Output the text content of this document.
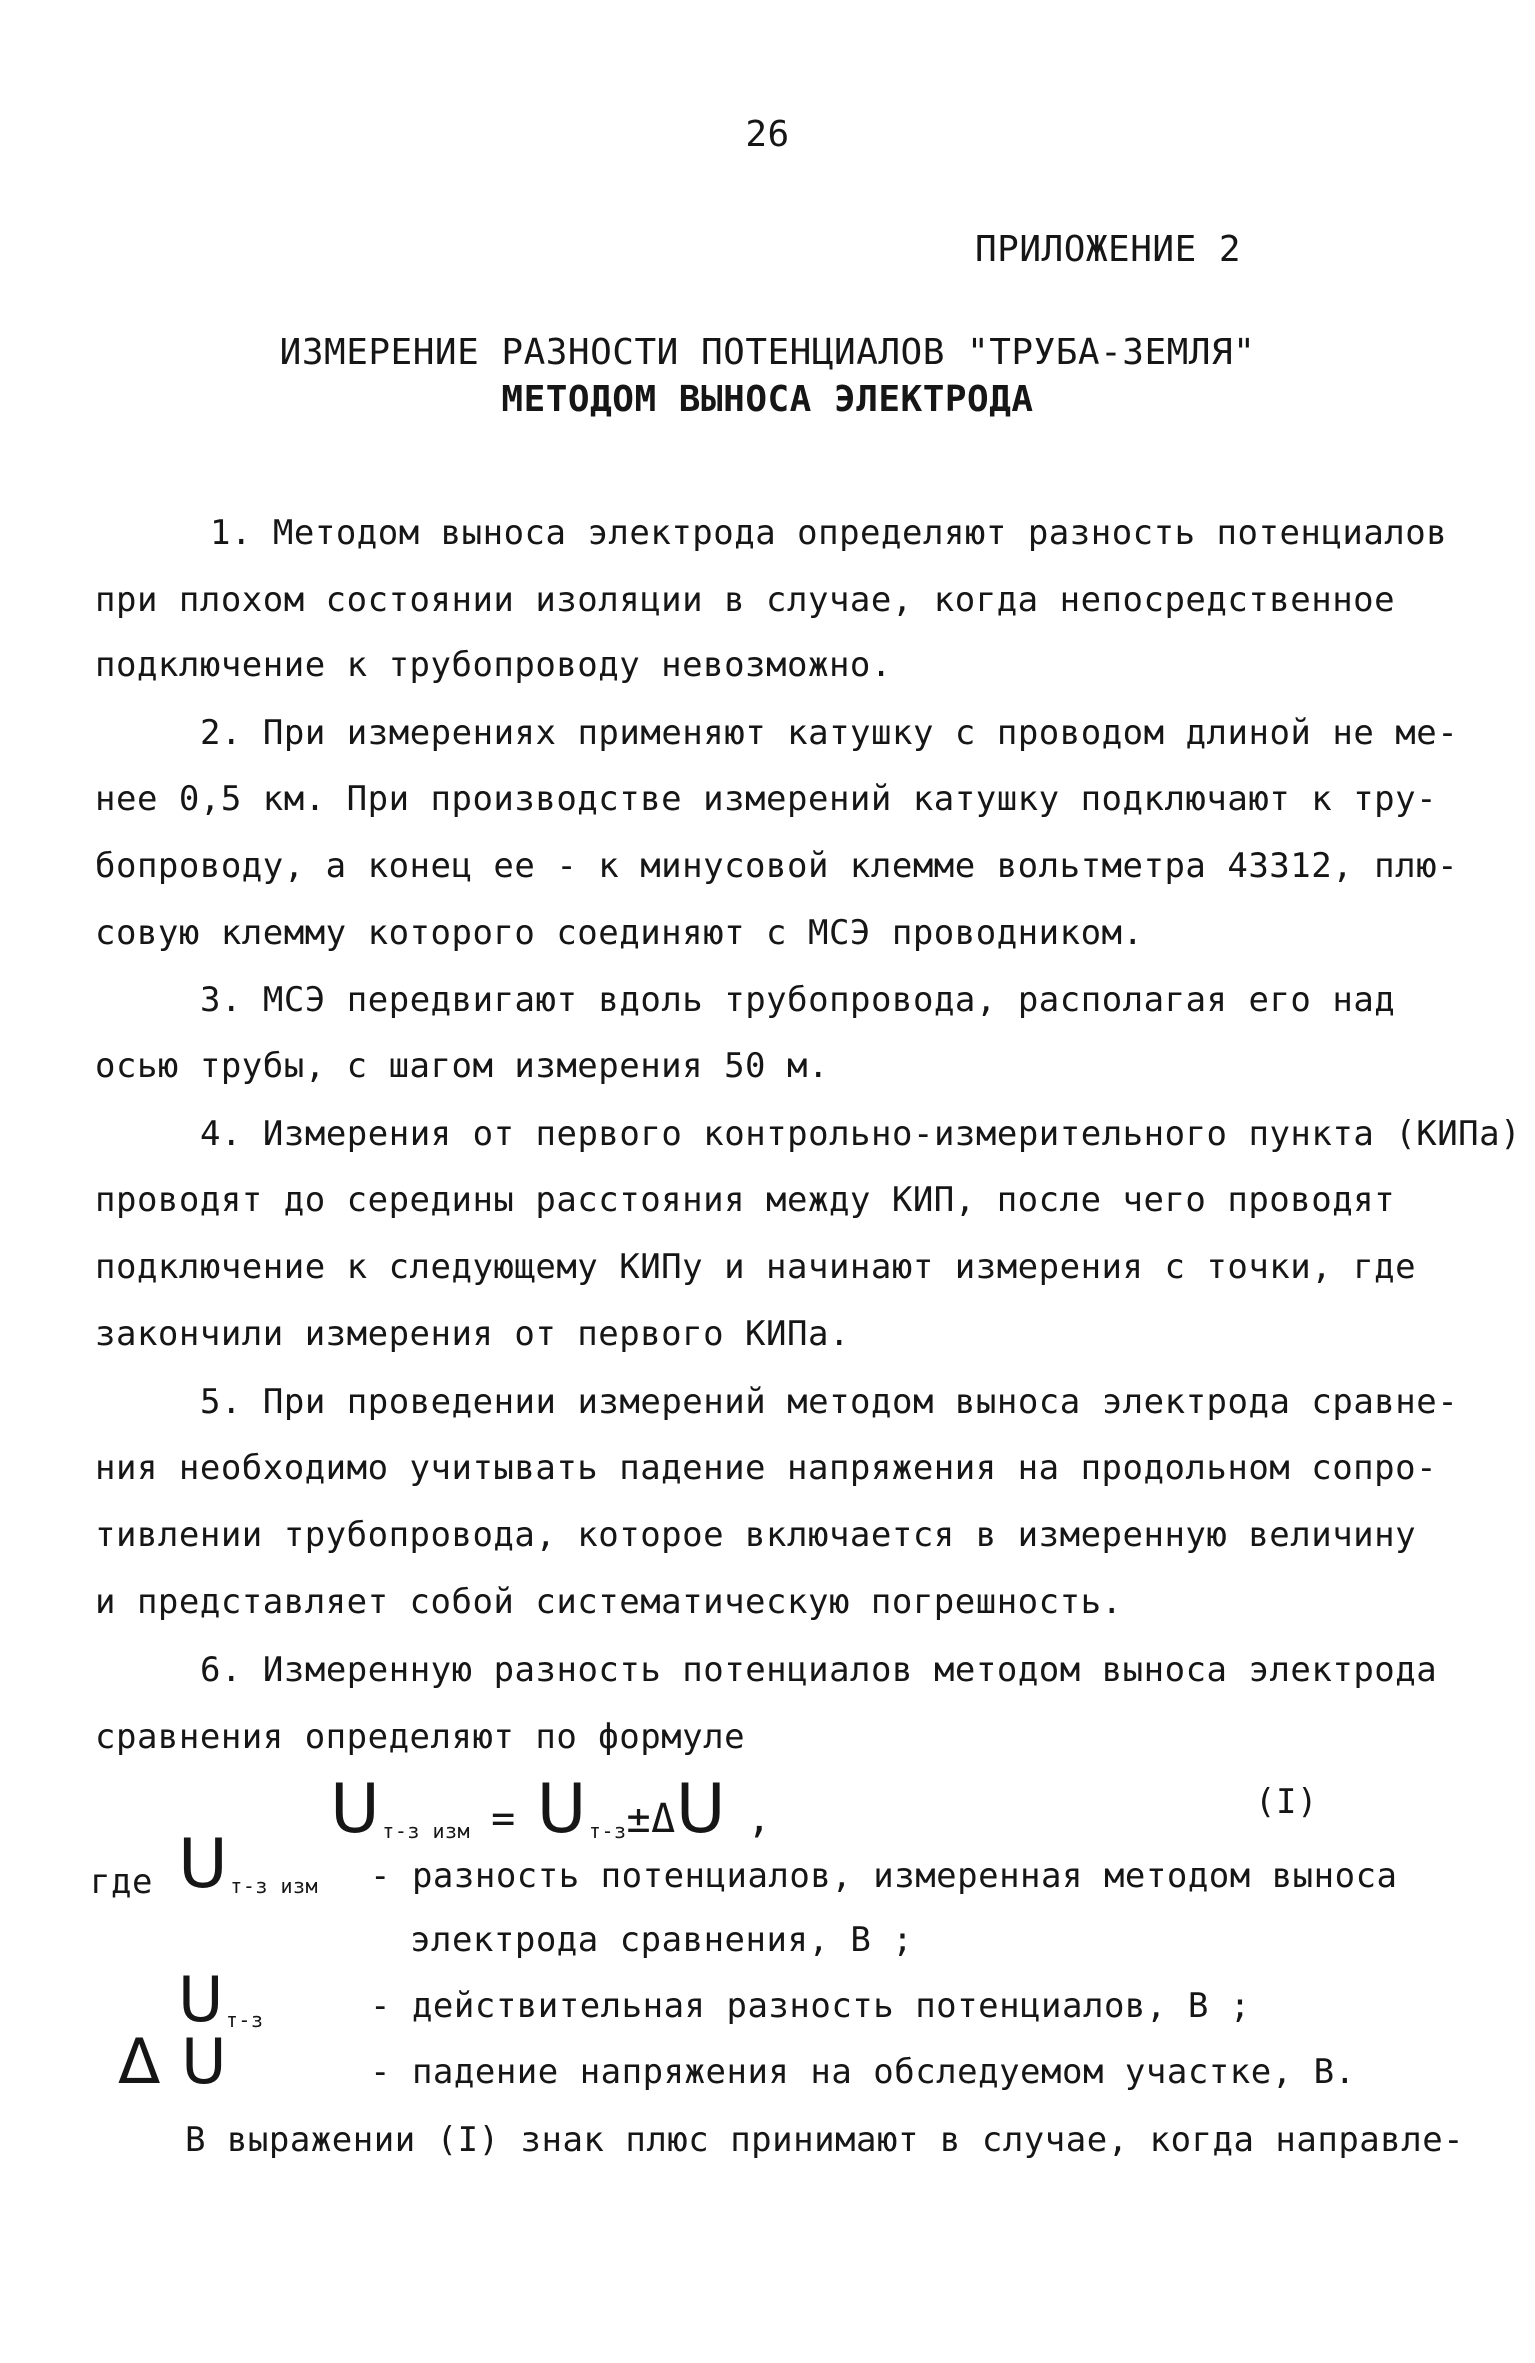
26
ПРИЛОЖЕНИЕ 2
ИЗМЕРЕНИЕ РАЗНОСТИ ПОТЕНЦИАЛОВ "ТРУБА-ЗЕМЛЯ"
МЕТОДОМ ВЫНОСА ЭЛЕКТРОДА
1. Методом выноса электрода определяют разность потенциалов
при плохом состоянии изоляции в случае, когда непосредственное
подключение к трубопроводу невозможно.
2. При измерениях применяют катушку с проводом длиной не ме-
нее 0,5 км. При производстве измерений катушку подключают к тру-
бопроводу, а конец ее - к минусовой клемме вольтметра 43312, плю-
совую клемму которого соединяют с МСЭ проводником.
3. МСЭ передвигают вдоль трубопровода, располагая его над
осью трубы, с шагом измерения 50 м.
4. Измерения от первого контрольно-измерительного пункта (КИПа)
проводят до середины расстояния между КИП, после чего проводят
подключение к следующему КИПу и начинают измерения с точки, где
закончили измерения от первого КИПа.
5. При проведении измерений методом выноса электрода сравне-
ния необходимо учитывать падение напряжения на продольном сопро-
тивлении трубопровода, которое включается в измеренную величину
и представляет собой систематическую погрешность.
6. Измеренную разность потенциалов методом выноса электрода
сравнения определяют по формуле
Uт-з изм = U т-з±ΔU ,	(I)
где Uт-з изм - разность потенциалов, измеренная методом выноса
электрода сравнения, В ;
Uт-з	- действительная разность потенциалов, В ;
Δ U	- падение напряжения на обследуемом участке, В.
В выражении (I) знак плюс принимают в случае, когда направле-
